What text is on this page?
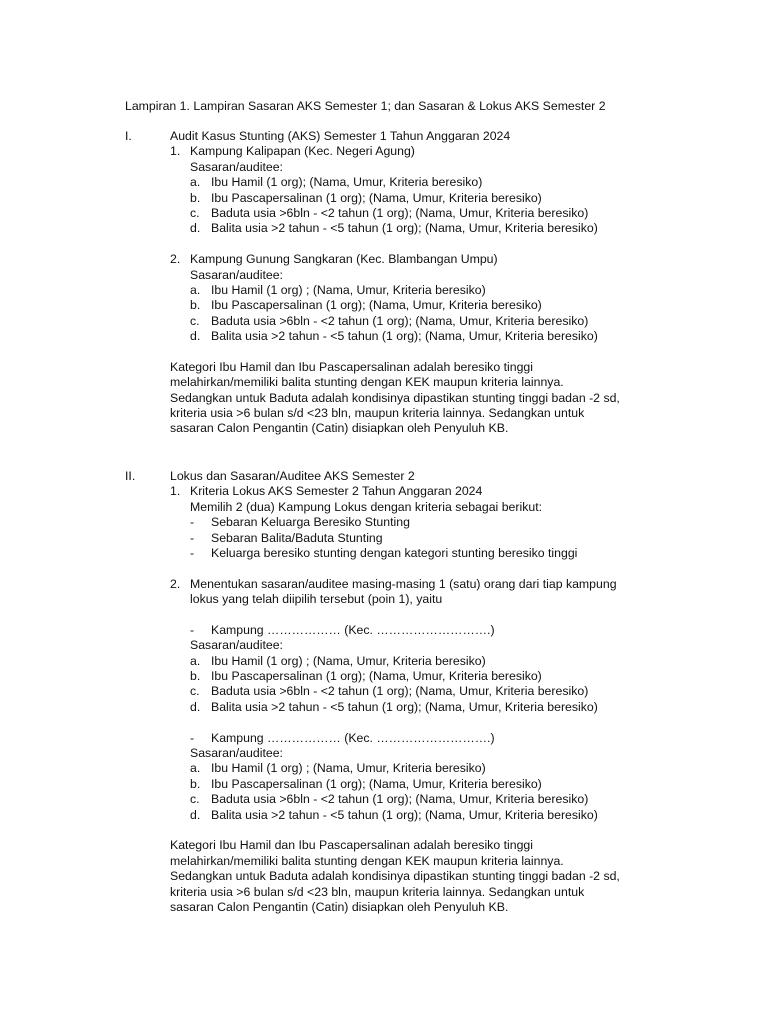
Lampiran 1. Lampiran Sasaran AKS Semester 1; dan Sasaran & Lokus AKS Semester 2
I.	Audit Kasus Stunting (AKS) Semester 1 Tahun Anggaran 2024
1. Kampung Kalipapan (Kec. Negeri Agung)
Sasaran/auditee:
a. Ibu Hamil (1 org); (Nama, Umur, Kriteria beresiko)
b. Ibu Pascapersalinan (1 org); (Nama, Umur, Kriteria beresiko)
c. Baduta usia >6bln - <2 tahun (1 org); (Nama, Umur, Kriteria beresiko)
d. Balita usia >2 tahun - <5 tahun (1 org); (Nama, Umur, Kriteria beresiko)
2. Kampung Gunung Sangkaran (Kec. Blambangan Umpu)
Sasaran/auditee:
a. Ibu Hamil (1 org) ; (Nama, Umur, Kriteria beresiko)
b. Ibu Pascapersalinan (1 org); (Nama, Umur, Kriteria beresiko)
c. Baduta usia >6bln - <2 tahun (1 org); (Nama, Umur, Kriteria beresiko)
d. Balita usia >2 tahun - <5 tahun (1 org); (Nama, Umur, Kriteria beresiko)
Kategori Ibu Hamil dan Ibu Pascapersalinan adalah beresiko tinggi
melahirkan/memiliki balita stunting dengan KEK maupun kriteria lainnya.
Sedangkan untuk Baduta adalah kondisinya dipastikan stunting tinggi badan -2 sd,
kriteria usia >6 bulan s/d <23 bln, maupun kriteria lainnya. Sedangkan untuk
sasaran Calon Pengantin (Catin) disiapkan oleh Penyuluh KB.
II.	Lokus dan Sasaran/Auditee AKS Semester 2
1. Kriteria Lokus AKS Semester 2 Tahun Anggaran 2024
Memilih 2 (dua) Kampung Lokus dengan kriteria sebagai berikut:
-	Sebaran Keluarga Beresiko Stunting
-	Sebaran Balita/Baduta Stunting
-	Keluarga beresiko stunting dengan kategori stunting beresiko tinggi
2. Menentukan sasaran/auditee masing-masing 1 (satu) orang dari tiap kampung
lokus yang telah diipilih tersebut (poin 1), yaitu
-	Kampung ……………… (Kec. ……………………….)
Sasaran/auditee:
a. Ibu Hamil (1 org) ; (Nama, Umur, Kriteria beresiko)
b. Ibu Pascapersalinan (1 org); (Nama, Umur, Kriteria beresiko)
c. Baduta usia >6bln - <2 tahun (1 org); (Nama, Umur, Kriteria beresiko)
d. Balita usia >2 tahun - <5 tahun (1 org); (Nama, Umur, Kriteria beresiko)
-	Kampung ……………… (Kec. ……………………….)
Sasaran/auditee:
a. Ibu Hamil (1 org) ; (Nama, Umur, Kriteria beresiko)
b. Ibu Pascapersalinan (1 org); (Nama, Umur, Kriteria beresiko)
c. Baduta usia >6bln - <2 tahun (1 org); (Nama, Umur, Kriteria beresiko)
d. Balita usia >2 tahun - <5 tahun (1 org); (Nama, Umur, Kriteria beresiko)
Kategori Ibu Hamil dan Ibu Pascapersalinan adalah beresiko tinggi
melahirkan/memiliki balita stunting dengan KEK maupun kriteria lainnya.
Sedangkan untuk Baduta adalah kondisinya dipastikan stunting tinggi badan -2 sd,
kriteria usia >6 bulan s/d <23 bln, maupun kriteria lainnya. Sedangkan untuk
sasaran Calon Pengantin (Catin) disiapkan oleh Penyuluh KB.
